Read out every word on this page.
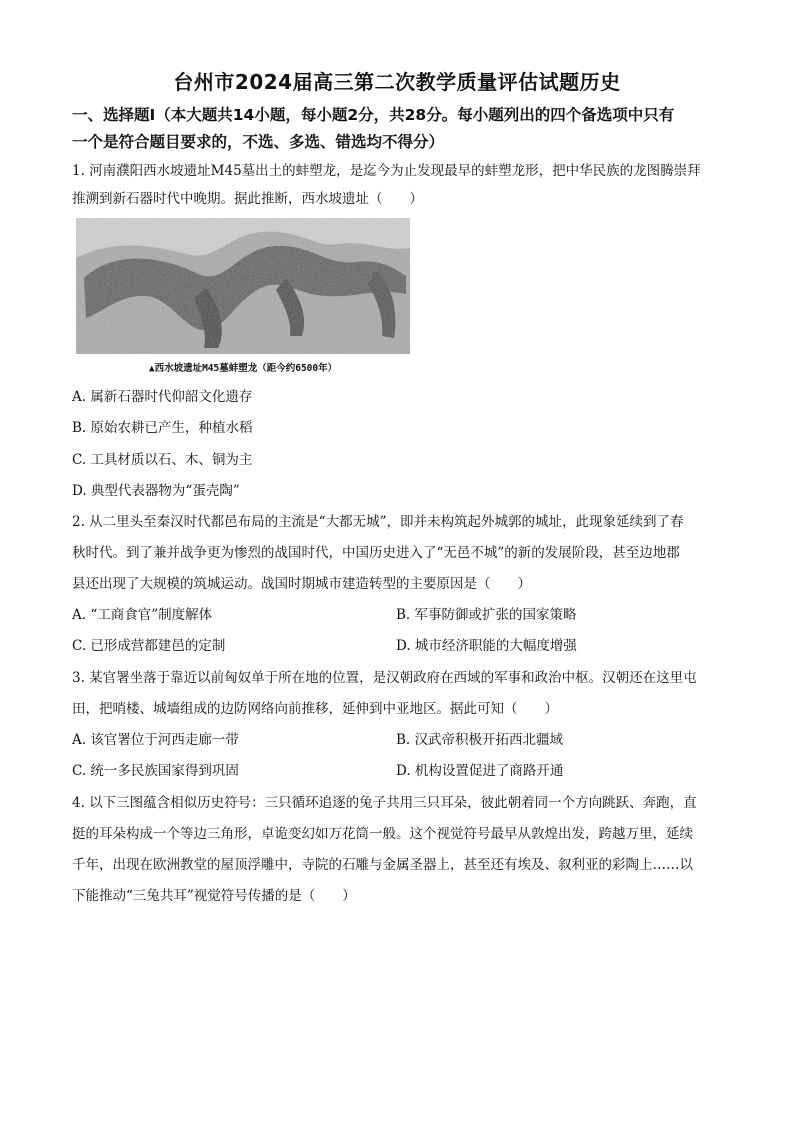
台州市2024届高三第二次教学质量评估试题历史
一、选择题Ⅰ（本大题共14小题，每小题2分，共28分。每小题列出的四个备选项中只有
一个是符合题目要求的，不选、多选、错选均不得分）
1. 河南濮阳西水坡遗址M45墓出土的蚌塑龙，是迄今为止发现最早的蚌塑龙形，把中华民族的龙图腾崇拜
推溯到新石器时代中晚期。据此推断，西水坡遗址（　　）
▲西水坡遗址M45墓蚌塑龙（距今约6500年）
A. 属新石器时代仰韶文化遗存
B. 原始农耕已产生，种植水稻
C. 工具材质以石、木、铜为主
D. 典型代表器物为“蛋壳陶”
2. 从二里头至秦汉时代都邑布局的主流是“大都无城”，即并未构筑起外城郭的城址，此现象延续到了春
秋时代。到了兼并战争更为惨烈的战国时代，中国历史进入了“无邑不城”的新的发展阶段，甚至边地郡
县还出现了大规模的筑城运动。战国时期城市建造转型的主要原因是（　　）
A. “工商食官”制度解体	B. 军事防御或扩张的国家策略
C. 已形成营都建邑的定制	D. 城市经济职能的大幅度增强
3. 某官署坐落于靠近以前匈奴单于所在地的位置，是汉朝政府在西域的军事和政治中枢。汉朝还在这里屯
田，把哨楼、城墙组成的边防网络向前推移，延伸到中亚地区。据此可知（　　）
A. 该官署位于河西走廊一带	B. 汉武帝积极开拓西北疆域
C. 统一多民族国家得到巩固	D. 机构设置促进了商路开通
4. 以下三图蕴含相似历史符号：三只循环追逐的兔子共用三只耳朵，彼此朝着同一个方向跳跃、奔跑，直
挺的耳朵构成一个等边三角形，卓诡变幻如万花筒一般。这个视觉符号最早从敦煌出发，跨越万里，延续
千年，出现在欧洲教堂的屋顶浮雕中，寺院的石雕与金属圣器上，甚至还有埃及、叙利亚的彩陶上……以
下能推动“三兔共耳”视觉符号传播的是（　　）
